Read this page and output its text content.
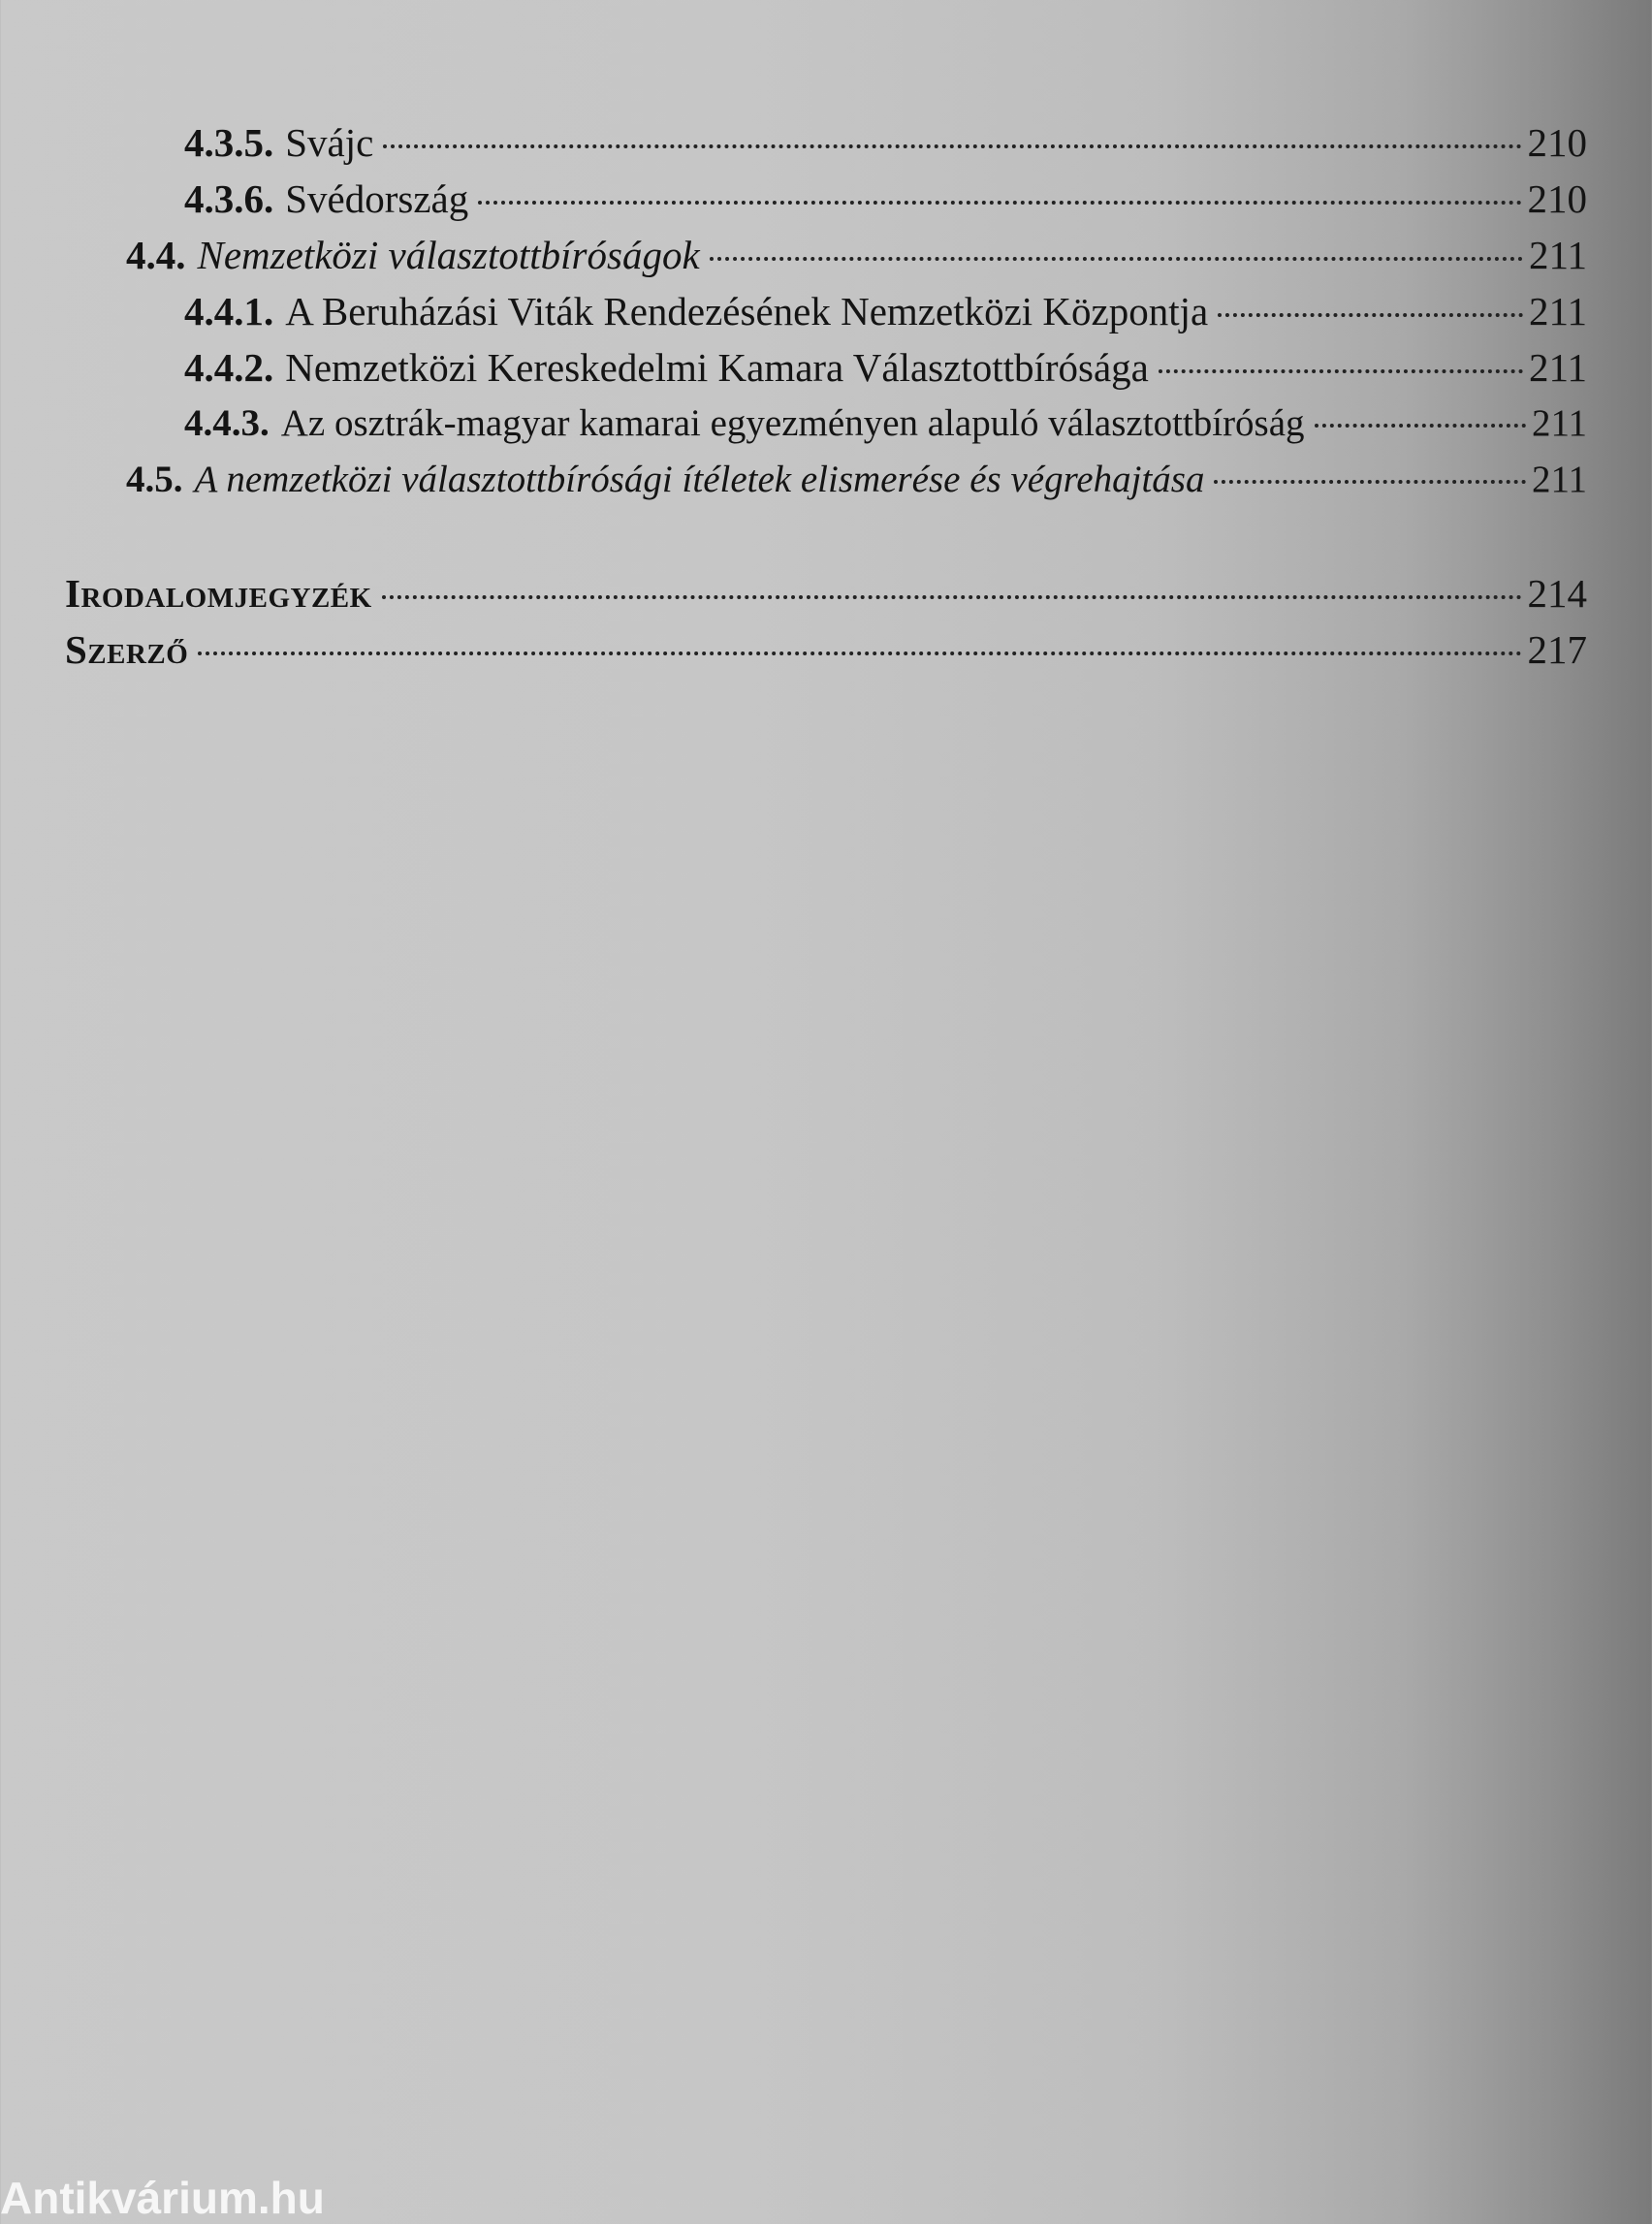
4.3.5. Svájc	210
4.3.6. Svédország	210
4.4. Nemzetközi választottbíróságok	211
4.4.1. A Beruházási Viták Rendezésének Nemzetközi Központja	211
4.4.2. Nemzetközi Kereskedelmi Kamara Választottbírósága	211
4.4.3. Az osztrák-magyar kamarai egyezményen alapuló választottbíróság	211
4.5. A nemzetközi választottbírósági ítéletek elismerése és végrehajtása	211
Irodalomjegyzék	214
Szerző	217
Antikvárium.hu
